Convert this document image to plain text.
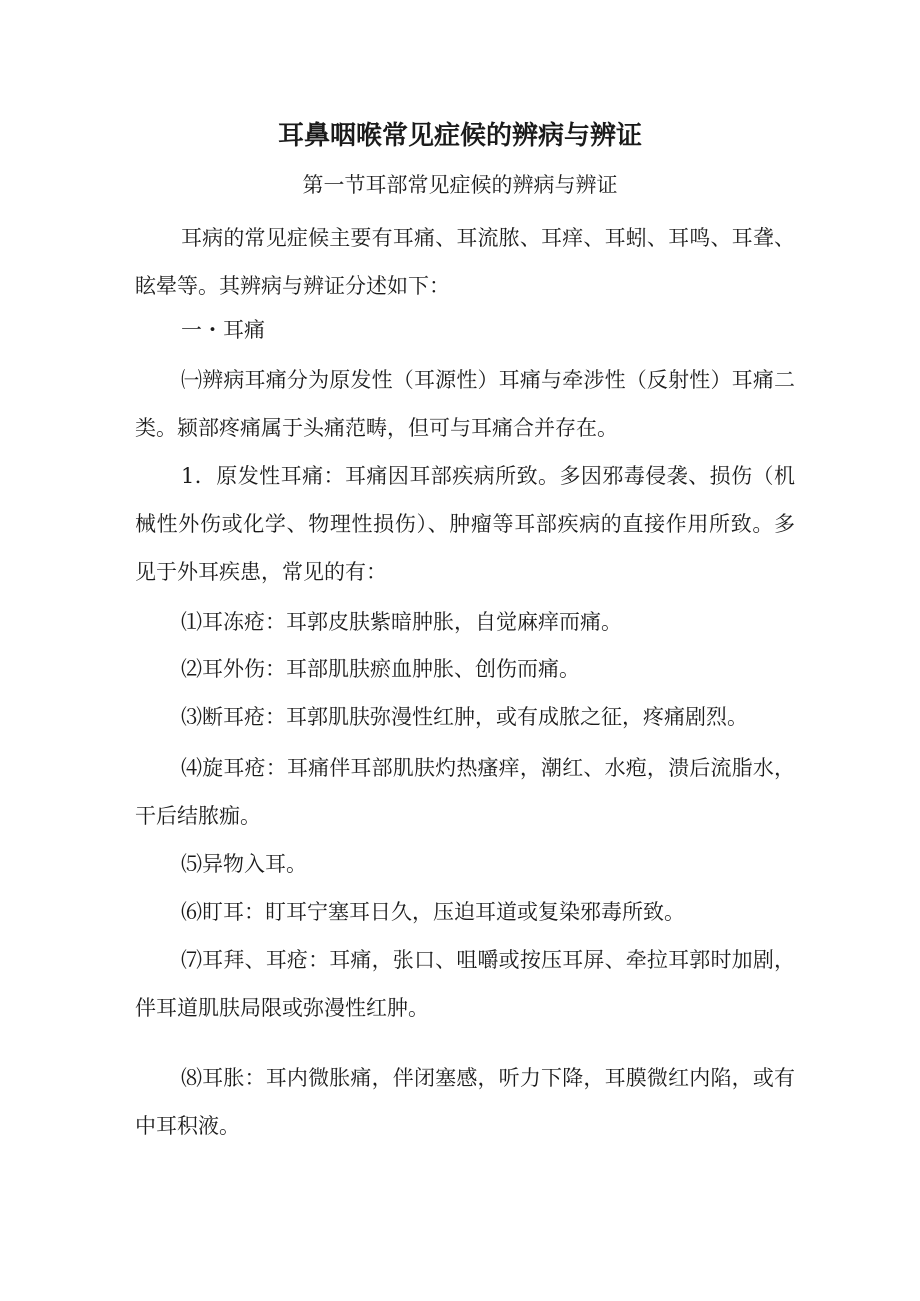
耳鼻咽喉常见症候的辨病与辨证
第一节耳部常见症候的辨病与辨证

耳病的常见症候主要有耳痛、耳流脓、耳痒、耳蚓、耳鸣、耳聋、眩晕等。其辨病与辨证分述如下：

一・耳痛

㈠辨病耳痛分为原发性（耳源性）耳痛与牵涉性（反射性）耳痛二类。颍部疼痛属于头痛范畴，但可与耳痛合并存在。

1．原发性耳痛：耳痛因耳部疾病所致。多因邪毒侵袭、损伤（机械性外伤或化学、物理性损伤）、肿瘤等耳部疾病的直接作用所致。多见于外耳疾患，常见的有：

⑴耳冻疮：耳郭皮肤紫暗肿胀，自觉麻痒而痛。

⑵耳外伤：耳部肌肤瘀血肿胀、创伤而痛。

⑶断耳疮：耳郭肌肤弥漫性红肿，或有成脓之征，疼痛剧烈。

⑷旋耳疮：耳痛伴耳部肌肤灼热瘙痒，潮红、水疱，溃后流脂水，干后结脓痂。

⑸异物入耳。

⑹盯耳：盯耳宁塞耳日久，压迫耳道或复染邪毒所致。

⑺耳拜、耳疮：耳痛，张口、咀嚼或按压耳屏、牵拉耳郭时加剧，伴耳道肌肤局限或弥漫性红肿。

⑻耳胀：耳内微胀痛，伴闭塞感，听力下降，耳膜微红内陷，或有中耳积液。
